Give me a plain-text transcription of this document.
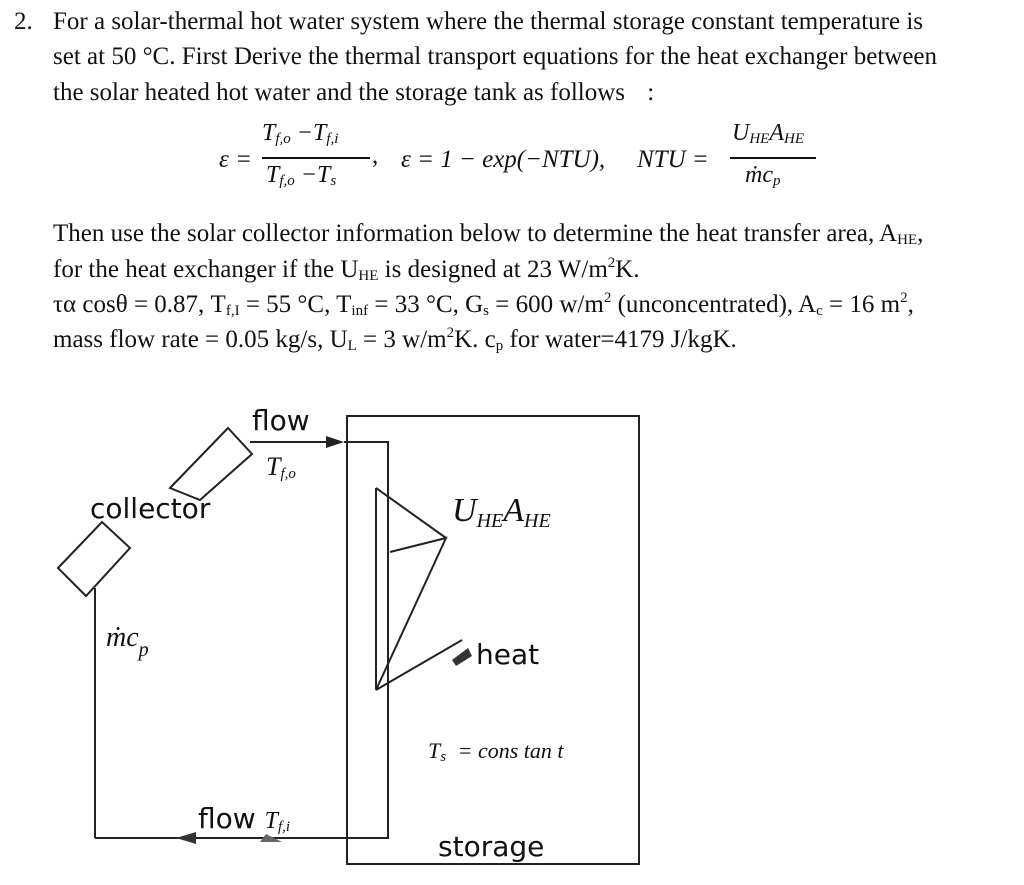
2. For a solar-thermal hot water system where the thermal storage constant temperature is
set at 50 °C. First Derive the thermal transport equations for the heat exchanger between
the solar heated hot water and the storage tank as follows :
ε =
$T_{f,o} -T_{f,i}$
$T_{f,o} -T_s$
, ε = 1 − exp(−NTU), NTU =
$U_{HE}A_{HE}$
ṁc$_p$
Then use the solar collector information below to determine the heat transfer area, $A_{HE}$,
for the heat exchanger if the $U_{HE}$ is designed at 23 $W/m^2K$.
τα cosθ = 0.87, $T_{f,I} = 55$ °C, $T_{inf} = 33$ °C, $G_s = 600$ $w/m^2$ (unconcentrated), $A_c = 16$ $m^2$,
mass flow rate = 0.05 kg/s, $U_L = 3$ $w/m^2K$. $c_p$ for water=4179 J/kgK.
flow
$T_{f,o}$
collector
ṁc$_p$
$U_{HE}A_{HE}$
heat
$T_s$ = cons tan t
flow $T_{f,i}$
storage
